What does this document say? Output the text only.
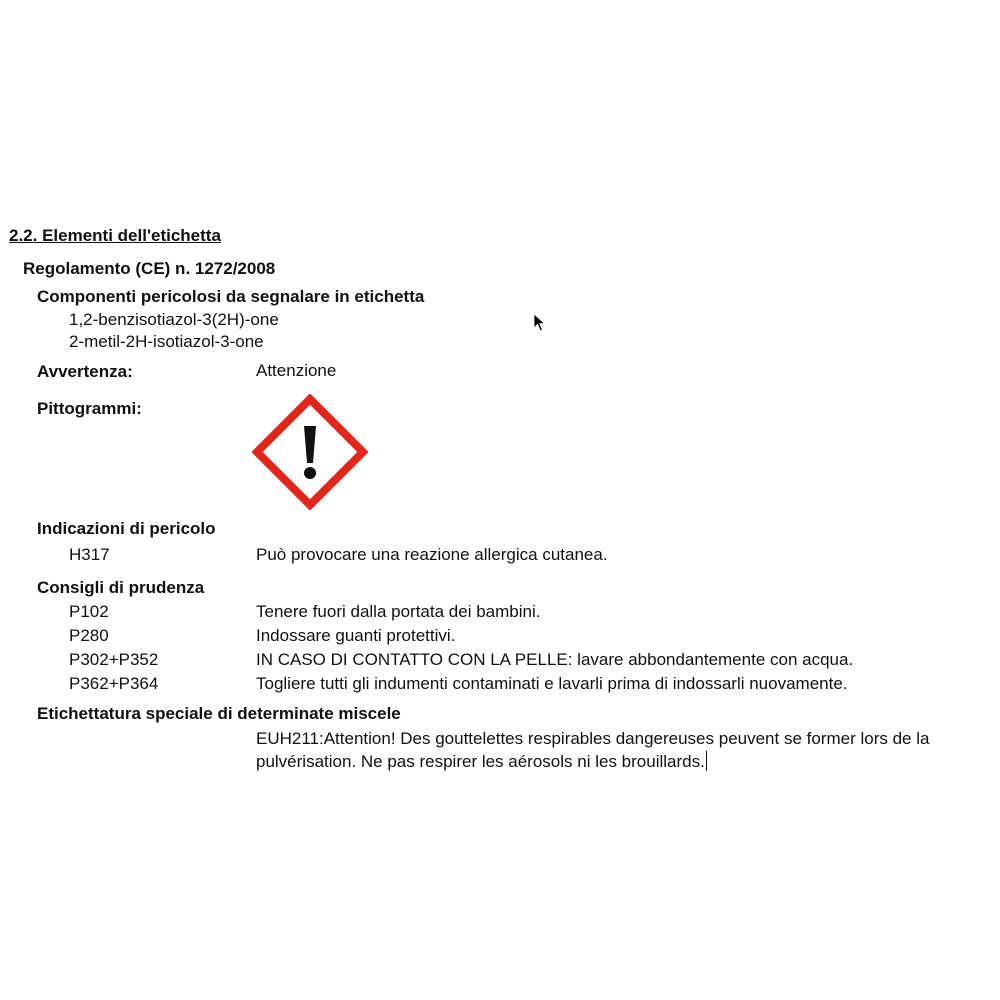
2.2. Elementi dell'etichetta
Regolamento (CE) n. 1272/2008
Componenti pericolosi da segnalare in etichetta
1,2-benzisotiazol-3(2H)-one
2-metil-2H-isotiazol-3-one
Avvertenza:	Attenzione
Pittogrammi:
Indicazioni di pericolo
H317	Può provocare una reazione allergica cutanea.
Consigli di prudenza
P102	Tenere fuori dalla portata dei bambini.
P280	Indossare guanti protettivi.
P302+P352	IN CASO DI CONTATTO CON LA PELLE: lavare abbondantemente con acqua.
P362+P364	Togliere tutti gli indumenti contaminati e lavarli prima di indossarli nuovamente.
Etichettatura speciale di determinate miscele
EUH211:Attention! Des gouttelettes respirables dangereuses peuvent se former lors de la
pulvérisation. Ne pas respirer les aérosols ni les brouillards.
